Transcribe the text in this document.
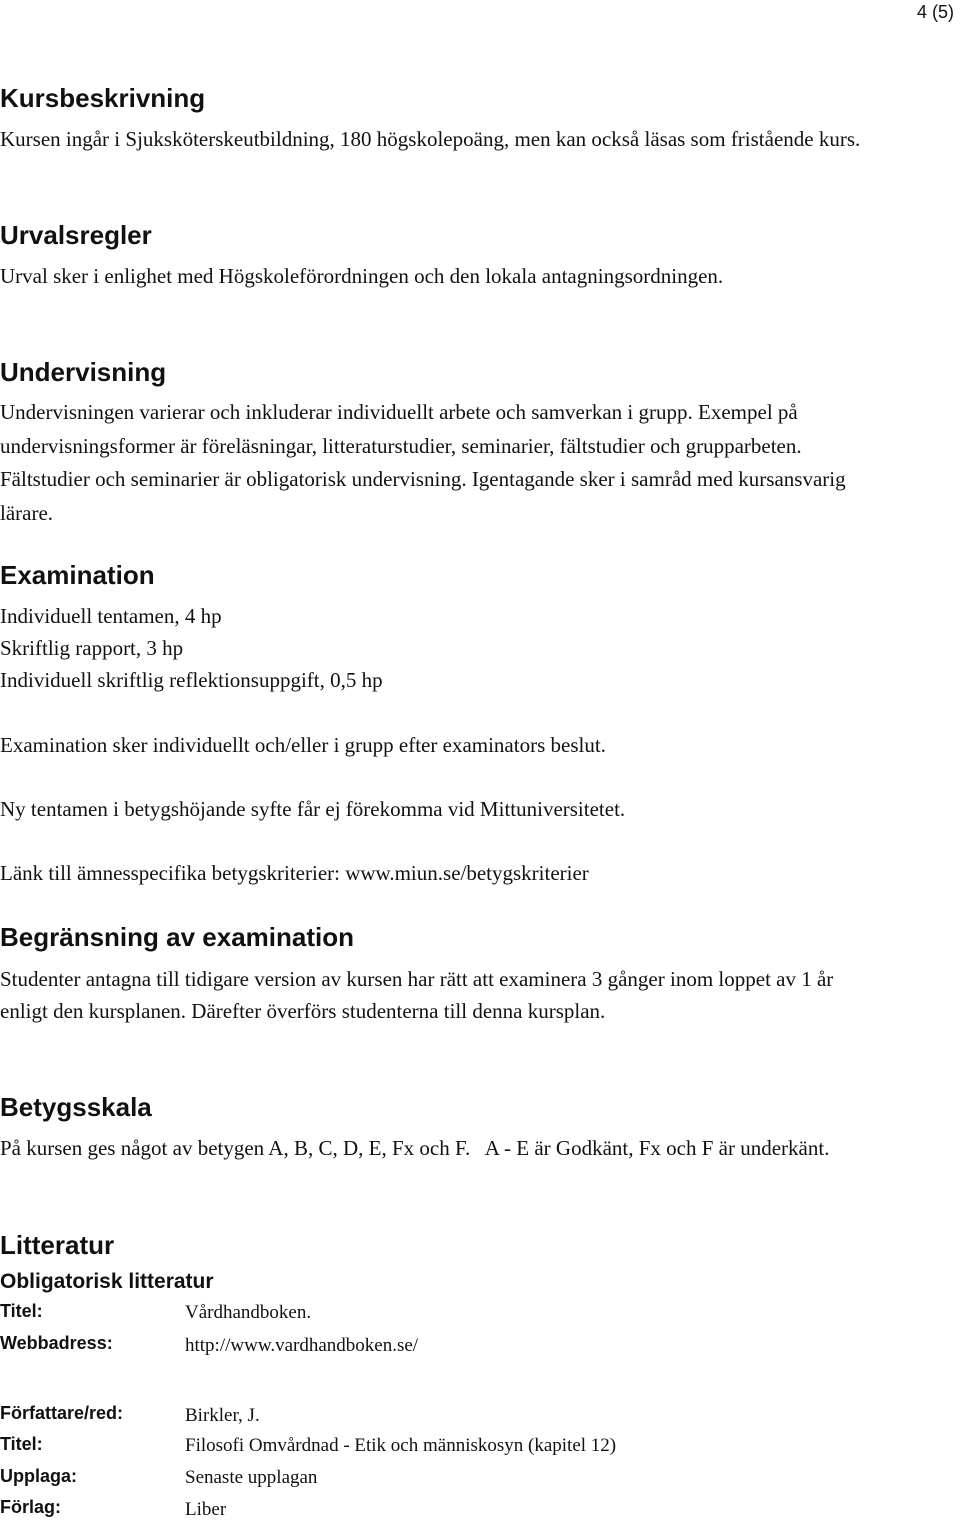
4 (5)
Kursbeskrivning

Kursen ingår i Sjuksköterskeutbildning, 180 högskolepoäng, men kan också läsas som fristående kurs.

Urvalsregler

Urval sker i enlighet med Högskoleförordningen och den lokala antagningsordningen.

Undervisning

Undervisningen varierar och inkluderar individuellt arbete och samverkan i grupp. Exempel på undervisningsformer är föreläsningar, litteraturstudier, seminarier, fältstudier och grupparbeten. Fältstudier och seminarier är obligatorisk undervisning. Igentagande sker i samråd med kursansvarig lärare.

Examination
Individuell tentamen, 4 hp
Skriftlig rapport, 3 hp
Individuell skriftlig reflektionsuppgift, 0,5 hp
Examination sker individuellt och/eller i grupp efter examinators beslut.
Ny tentamen i betygshöjande syfte får ej förekomma vid Mittuniversitetet.
Länk till ämnesspecifika betygskriterier: www.miun.se/betygskriterier
Begränsning av examination

Studenter antagna till tidigare version av kursen har rätt att examinera 3 gånger inom loppet av 1 år enligt den kursplanen. Därefter överförs studenterna till denna kursplan.

Betygsskala

På kursen ges något av betygen A, B, C, D, E, Fx och F.   A - E är Godkänt, Fx och F är underkänt.

Litteratur
Obligatorisk litteratur
Titel:	Vårdhandboken.
Webbadress:	http://www.vardhandboken.se/
Författare/red:	Birkler, J.
Titel:	Filosofi Omvårdnad - Etik och människosyn (kapitel 12)
Upplaga:	Senaste upplagan
Förlag:	Liber
